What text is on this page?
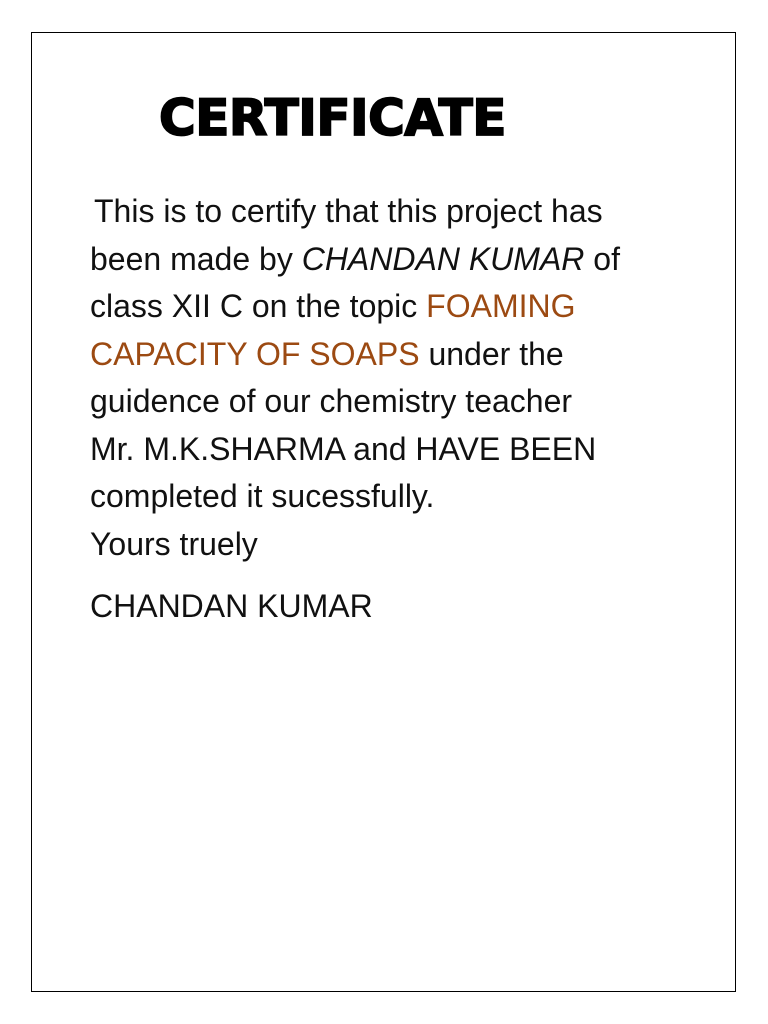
CERTIFICATE
This is to certify that this project has
been made by CHANDAN KUMAR of
class XII C on the topic FOAMING
CAPACITY OF SOAPS under the
guidence of our chemistry teacher
Mr. M.K.SHARMA and HAVE BEEN
completed it sucessfully.
Yours truely

CHANDAN KUMAR
